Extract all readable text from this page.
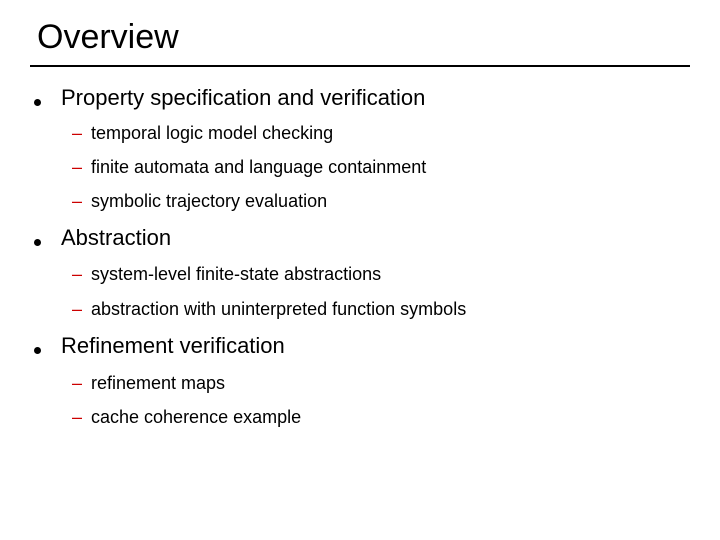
Overview
Property specification and verification
– temporal logic model checking
– finite automata and language containment
– symbolic trajectory evaluation
Abstraction
– system-level finite-state abstractions
– abstraction with uninterpreted function symbols
Refinement verification
– refinement maps
– cache coherence example
